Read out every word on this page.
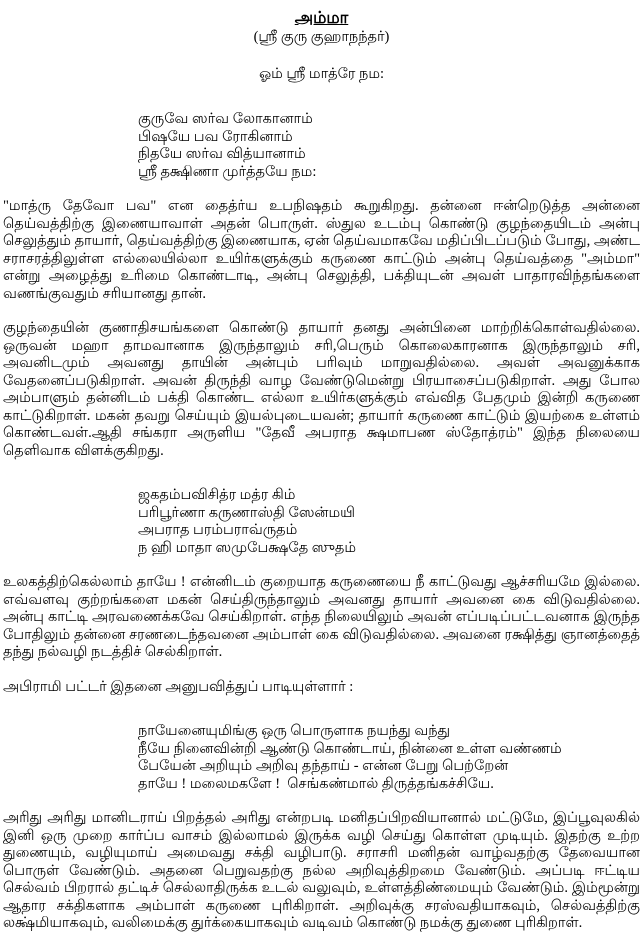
அம்மா
(ஸ்ரீ குரு குஹாநந்தர்)
ஓம் ஸ்ரீ மாத்ரே நம:
குருவே ஸர்வ லோகானாம்
பிஷயே பவ ரோகினாம்
நிதயே ஸர்வ வித்யானாம்
ஸ்ரீ தக்ஷிணா முர்த்தயே நம:
"மாத்ரு தேவோ பவ" என தைத்ர்ய உபநிஷதம் கூறுகிறது. தன்னை ஈன்றெடுத்த அன்னை தெய்வத்திற்கு இணையாவாள் அதன் பொருள். ஸ்துல உடம்பு கொண்டு குழந்தையிடம் அன்பு செலுத்தும் தாயார், தெய்வத்திற்கு இணையாக, ஏன் தெய்வமாகவே மதிப்பிடப்படும் போது, அண்ட சராசரத்திலுள்ள எல்லையில்லா உயிர்களுக்கும் கருணை காட்டும் அன்பு தெய்வத்தை "அம்மா" என்று அழைத்து உரிமை கொண்டாடி, அன்பு செலுத்தி, பக்தியுடன் அவள் பாதாரவிந்தங்களை வணங்குவதும் சரியானது தான்.
குழந்தையின் குணாதிசயங்களை கொண்டு தாயார் தனது அன்பினை மாற்றிக்கொள்வதில்லை. ஒருவன் மஹா தாமவானாக இருந்தாலும் சரி,பெரும் கொலைகாரனாக இருந்தாலும் சரி, அவனிடமும் அவனது தாயின் அன்பும் பரிவும் மாறுவதில்லை. அவள் அவனுக்காக வேதனைப்படுகிறாள். அவன் திருந்தி வாழ வேண்டுமென்று பிரயாசைப்படுகிறாள். அது போல அம்பாளும் தன்னிடம் பக்தி கொண்ட எல்லா உயிர்களுக்கும் எவ்வித பேதமும் இன்றி கருணை காட்டுகிறாள். மகன் தவறு செய்யும் இயல்புடையவன்; தாயார் கருணை காட்டும் இயற்கை உள்ளம் கொண்டவள்.ஆதி சங்கரா அருளிய "தேவீ அபராத க்ஷமாபண ஸ்தோத்ரம்" இந்த நிலையை தெளிவாக விளக்குகிறது.
ஜகதம்பவிசித்ர மத்ர கிம்
பரிபூர்ணா கருணாஸ்தி ஸேன்மயி
அபராத பரம்பராவ்ருதம்
ந ஹி மாதா ஸமுபேக்ஷதே ஸுதம்
உலகத்திற்கெல்லாம் தாயே ! என்னிடம் குறையாத கருணையை நீ காட்டுவது ஆச்சரியமே இல்லை. எவ்வளவு குற்றங்களை மகன் செய்திருந்தாலும் அவனது தாயார் அவனை கை விடுவதில்லை. அன்பு காட்டி அரவணைக்கவே செய்கிறாள். எந்த நிலையிலும் அவன் எப்படிப்பட்டவனாக இருந்த போதிலும் தன்னை சரணடைந்தவனை அம்பாள் கை விடுவதில்லை. அவனை ரக்ஷித்து ஞானத்தைத் தந்து நல்வழி நடத்திச் செல்கிறாள்.
அபிராமி பட்டர் இதனை அனுபவித்துப் பாடியுள்ளார் :
நாயேனையுமிங்கு ஒரு பொருளாக நயந்து வந்து
நீயே நினைவின்றி ஆண்டு கொண்டாய், நின்னை உள்ள வண்ணம்
பேயேன் அறியும் அறிவு தந்தாய் - என்ன பேறு பெற்றேன்
தாயே ! மலைமகளே !  செங்கண்மால் திருத்தங்கச்சியே.
அரிது அரிது மானிடராய் பிறத்தல் அரிது என்றபடி மனிதப்பிறவியானால் மட்டுமே, இப்பூவுலகில் இனி ஒரு முறை கார்ப்ப வாசம் இல்லாமல் இருக்க வழி செய்து கொள்ள முடியும். இதற்கு உற்ற துணையும், வழியுமாய் அமைவது சக்தி வழிபாடு. சராசரி மனிதன் வாழ்வதற்கு தேவையான பொருள் வேண்டும். அதனை பெறுவதற்கு நல்ல அறிவுத்திறமை வேண்டும். அப்படி ஈட்டிய செல்வம் பிறரால் தட்டிச் செல்லாதிருக்க உடல் வலுவும், உள்ளத்திண்மையும் வேண்டும். இம்மூன்று ஆதார சக்திகளாக அம்பாள் கருணை புரிகிறாள். அறிவுக்கு சரஸ்வதியாகவும், செல்வத்திற்கு லக்ஷ்மியாகவும், வலிமைக்கு துர்க்கையாகவும் வடிவம் கொண்டு நமக்கு துணை புரிகிறாள்.
